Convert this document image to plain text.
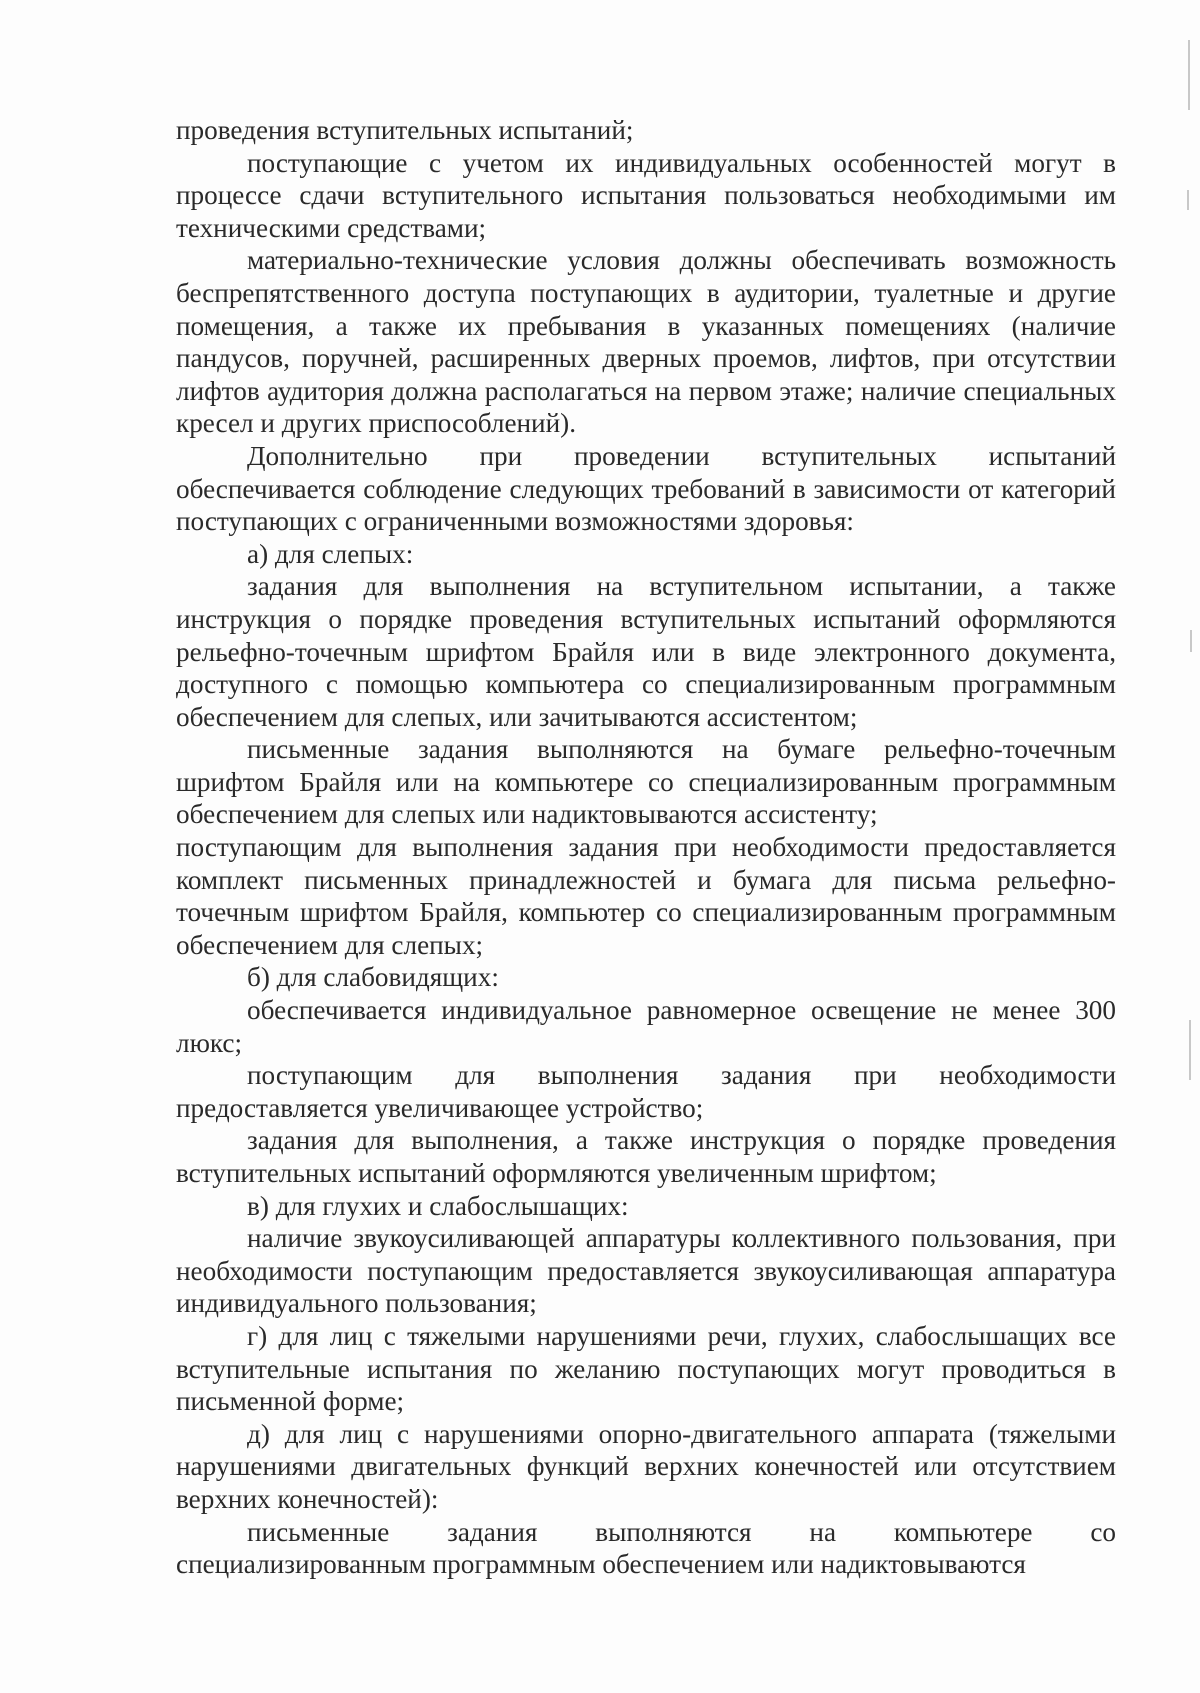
проведения вступительных испытаний;

поступающие с учетом их индивидуальных особенностей могут в процессе сдачи вступительного испытания пользоваться необходимыми им техническими средствами;

материально-технические условия должны обеспечивать возможность беспрепятственного доступа поступающих в аудитории, туалетные и другие помещения, а также их пребывания в указанных помещениях (наличие пандусов, поручней, расширенных дверных проемов, лифтов, при отсутствии лифтов аудитория должна располагаться на первом этаже; наличие специальных кресел и других приспособлений).

Дополнительно при проведении вступительных испытаний обеспечивается соблюдение следующих требований в зависимости от категорий поступающих с ограниченными возможностями здоровья:

а) для слепых:

задания для выполнения на вступительном испытании, а также инструкция о порядке проведения вступительных испытаний оформляются рельефно-точечным шрифтом Брайля или в виде электронного документа, доступного с помощью компьютера со специализированным программным обеспечением для слепых, или зачитываются ассистентом;

письменные задания выполняются на бумаге рельефно-точечным шрифтом Брайля или на компьютере со специализированным программным обеспечением для слепых или надиктовываются ассистенту;

поступающим для выполнения задания при необходимости предоставляется комплект письменных принадлежностей и бумага для письма рельефно-точечным шрифтом Брайля, компьютер со специализированным программным обеспечением для слепых;

б) для слабовидящих:

обеспечивается индивидуальное равномерное освещение не менее 300 люкс;

поступающим для выполнения задания при необходимости предоставляется увеличивающее устройство;

задания для выполнения, а также инструкция о порядке проведения вступительных испытаний оформляются увеличенным шрифтом;

в) для глухих и слабослышащих:

наличие звукоусиливающей аппаратуры коллективного пользования, при необходимости поступающим предоставляется звукоусиливающая аппаратура индивидуального пользования;

г) для лиц с тяжелыми нарушениями речи, глухих, слабослышащих все вступительные испытания по желанию поступающих могут проводиться в письменной форме;

д) для лиц с нарушениями опорно-двигательного аппарата (тяжелыми нарушениями двигательных функций верхних конечностей или отсутствием верхних конечностей):

письменные задания выполняются на компьютере со специализированным программным обеспечением или надиктовываются
